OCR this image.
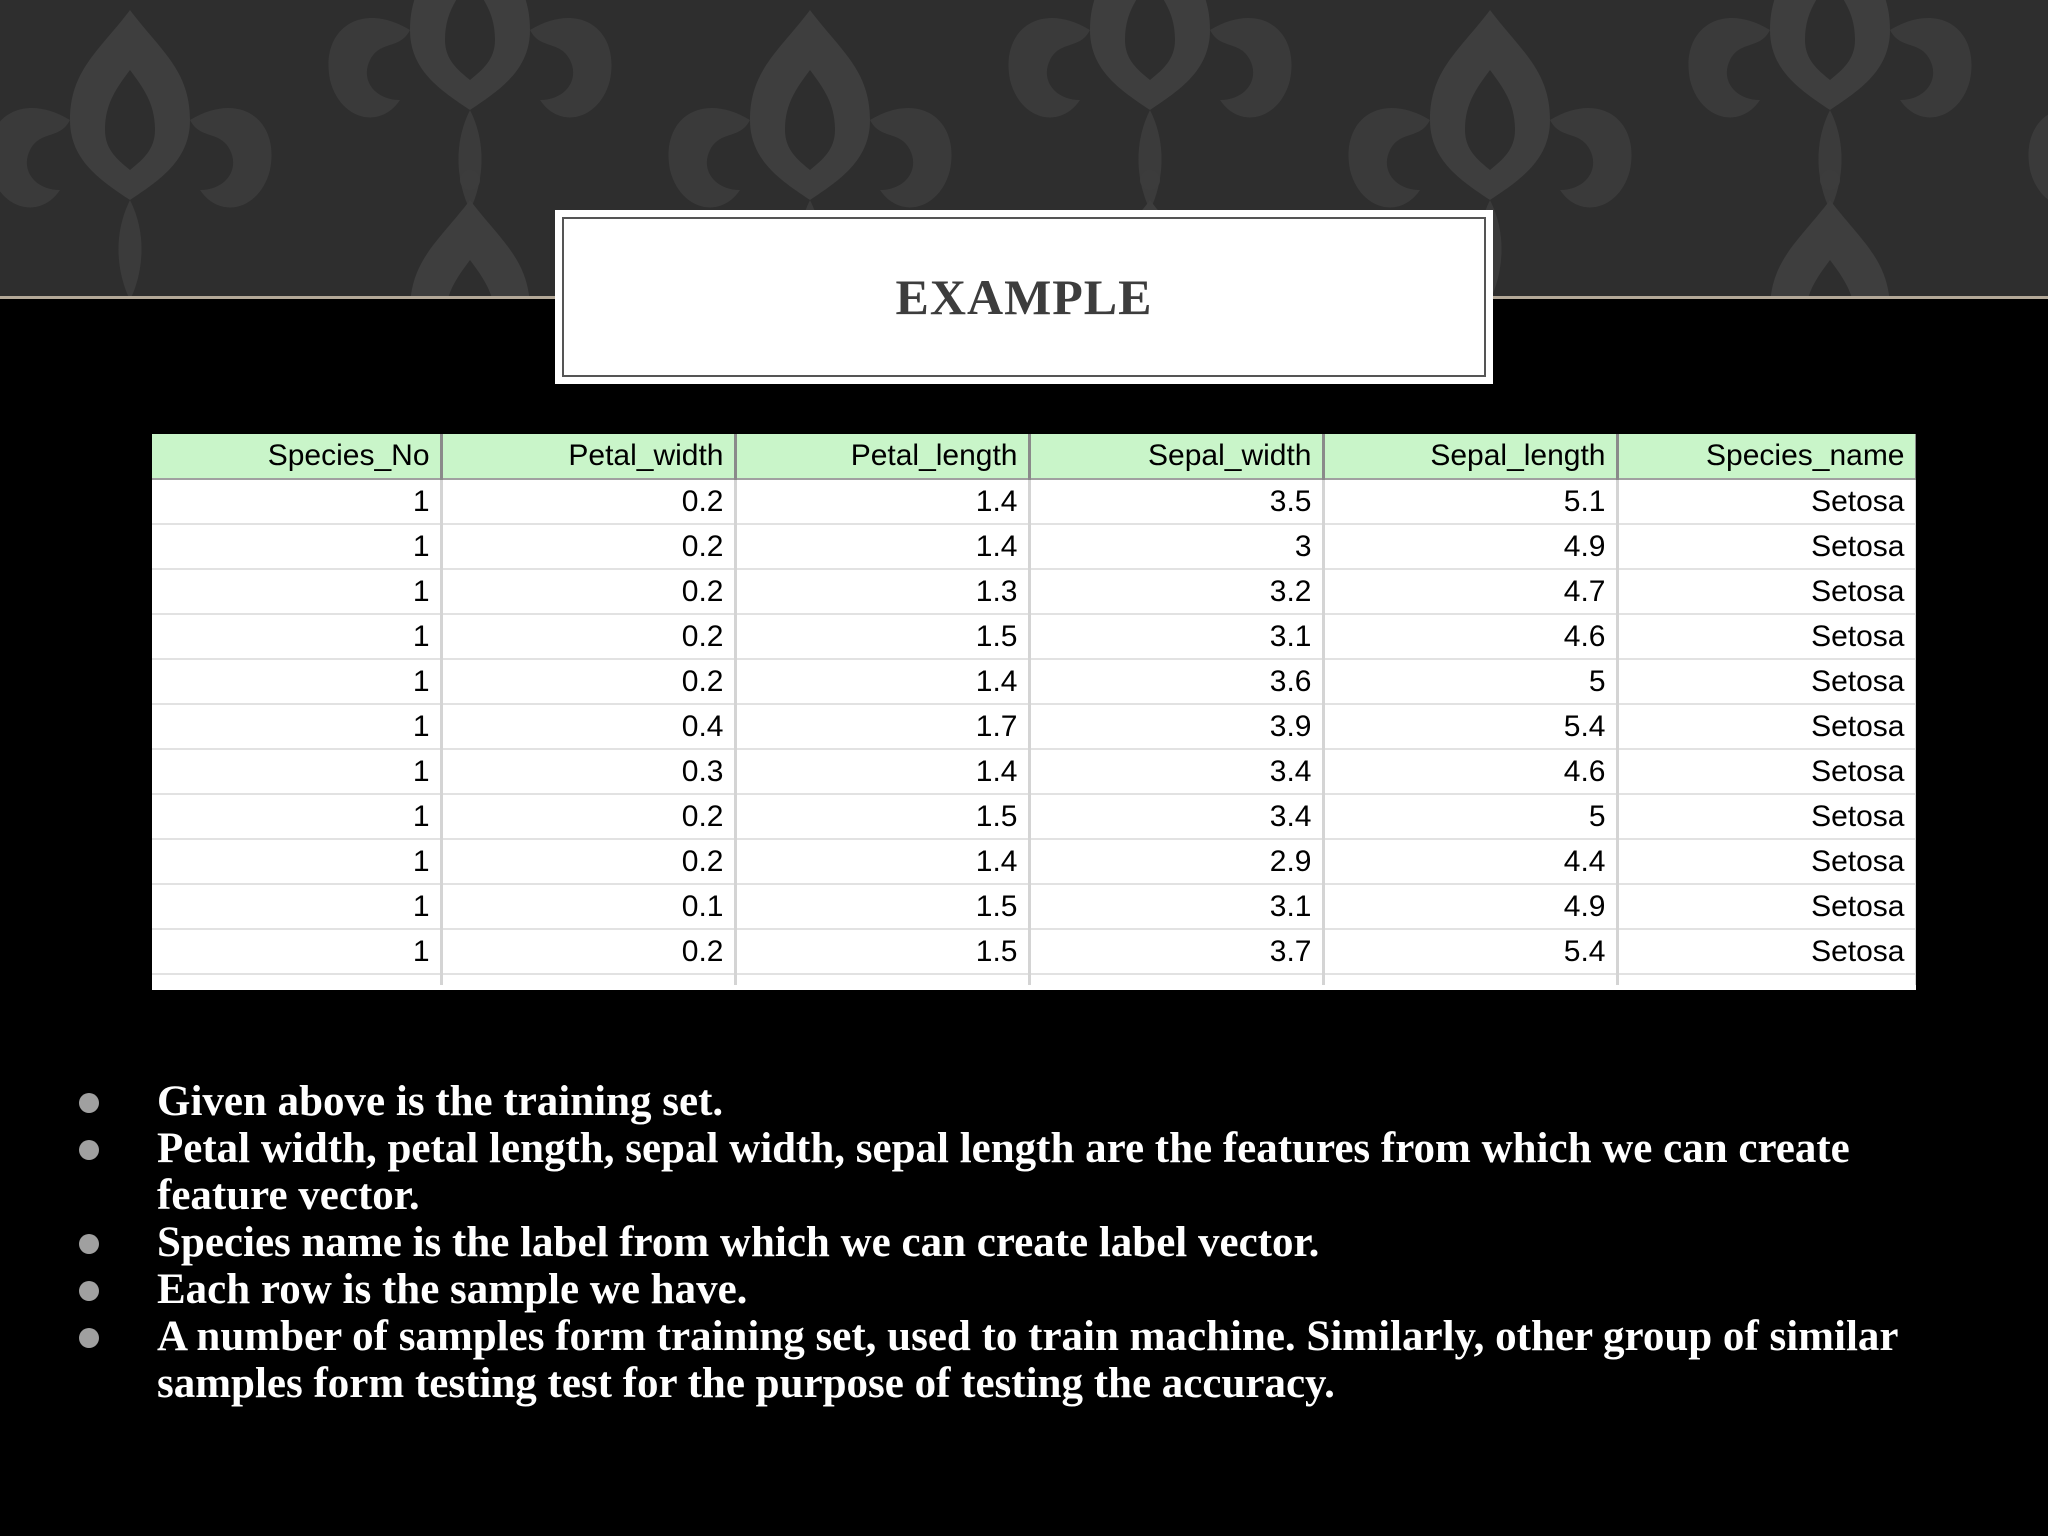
EXAMPLE
Species_No	Petal_width	Petal_length	Sepal_width	Sepal_length	Species_name
1	0.2	1.4	3.5	5.1	Setosa
1	0.2	1.4	3	4.9	Setosa
1	0.2	1.3	3.2	4.7	Setosa
1	0.2	1.5	3.1	4.6	Setosa
1	0.2	1.4	3.6	5	Setosa
1	0.4	1.7	3.9	5.4	Setosa
1	0.3	1.4	3.4	4.6	Setosa
1	0.2	1.5	3.4	5	Setosa
1	0.2	1.4	2.9	4.4	Setosa
1	0.1	1.5	3.1	4.9	Setosa
1	0.2	1.5	3.7	5.4	Setosa

Given above is the training set.
Petal width, petal length, sepal width, sepal length are the features from which we can create feature vector.
Species name is the label from which we can create label vector.
Each row is the sample we have.
A number of samples form training set, used to train machine. Similarly, other group of similar samples form testing test for the purpose of testing the accuracy.
